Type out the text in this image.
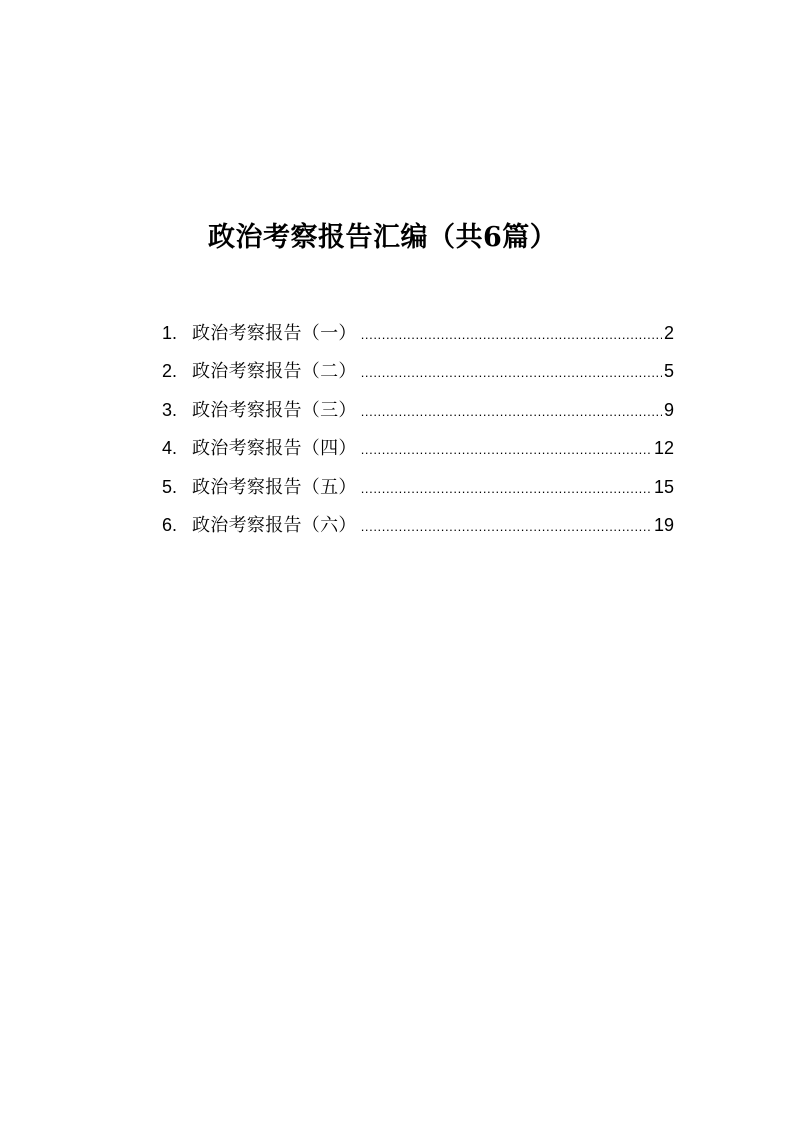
政治考察报告汇编（共6篇）
1. 政治考察报告（一） .....	2
2. 政治考察报告（二） .....	5
3. 政治考察报告（三） .....	9
4. 政治考察报告（四） .....	12
5. 政治考察报告（五） .....	15
6. 政治考察报告（六） .....	19
